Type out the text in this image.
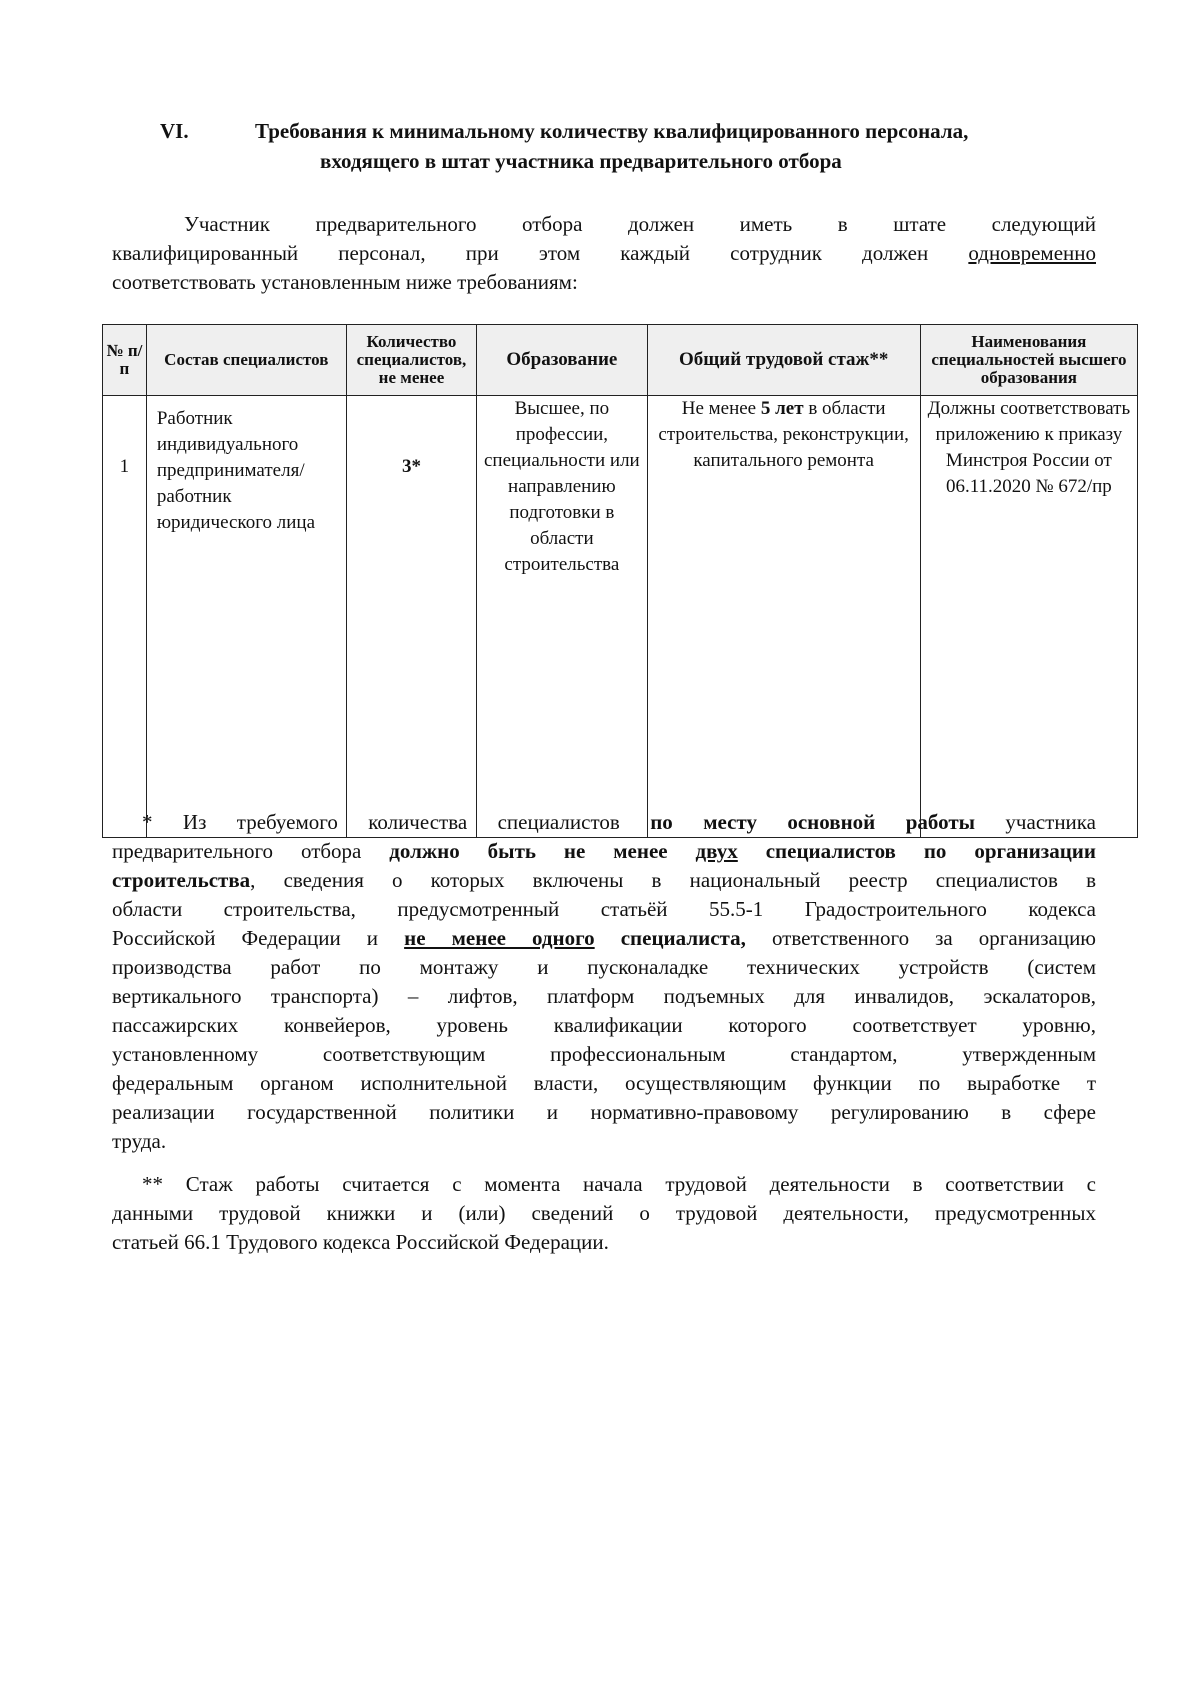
VI.	Требования к минимальному количеству квалифицированного персонала,
входящего в штат участника предварительного отбора
Участник предварительного отбора должен иметь в штате следующий
квалифицированный персонал, при этом каждый сотрудник должен одновременно
соответствовать установленным ниже требованиям:
№ п/п	Состав специалистов	Количество специалистов, не менее	Образование	Общий трудовой стаж**	Наименования специальностей высшего образования
1	Работник индивидуального предпринимателя/ работник юридического лица	3*	Высшее, по профессии, специальности или направлению подготовки в области строительства	Не менее 5 лет в области строительства, реконструкции, капитального ремонта	Должны соответствовать приложению к приказу Минстроя России от 06.11.2020 № 672/пр
* Из требуемого количества специалистов по месту основной работы участника
предварительного отбора должно быть не менее двух специалистов по организации
строительства, сведения о которых включены в национальный реестр специалистов в
области строительства, предусмотренный статьёй 55.5-1 Градостроительного кодекса
Российской Федерации и не менее одного специалиста, ответственного за организацию
производства работ по монтажу и пусконаладке технических устройств (систем
вертикального транспорта) – лифтов, платформ подъемных для инвалидов, эскалаторов,
пассажирских конвейеров, уровень квалификации которого соответствует уровню,
установленному соответствующим профессиональным стандартом, утвержденным
федеральным органом исполнительной власти, осуществляющим функции по выработке т
реализации государственной политики и нормативно-правовому регулированию в сфере
труда.
** Стаж работы считается с момента начала трудовой деятельности в соответствии с
данными трудовой книжки и (или) сведений о трудовой деятельности, предусмотренных
статьей 66.1 Трудового кодекса Российской Федерации.
